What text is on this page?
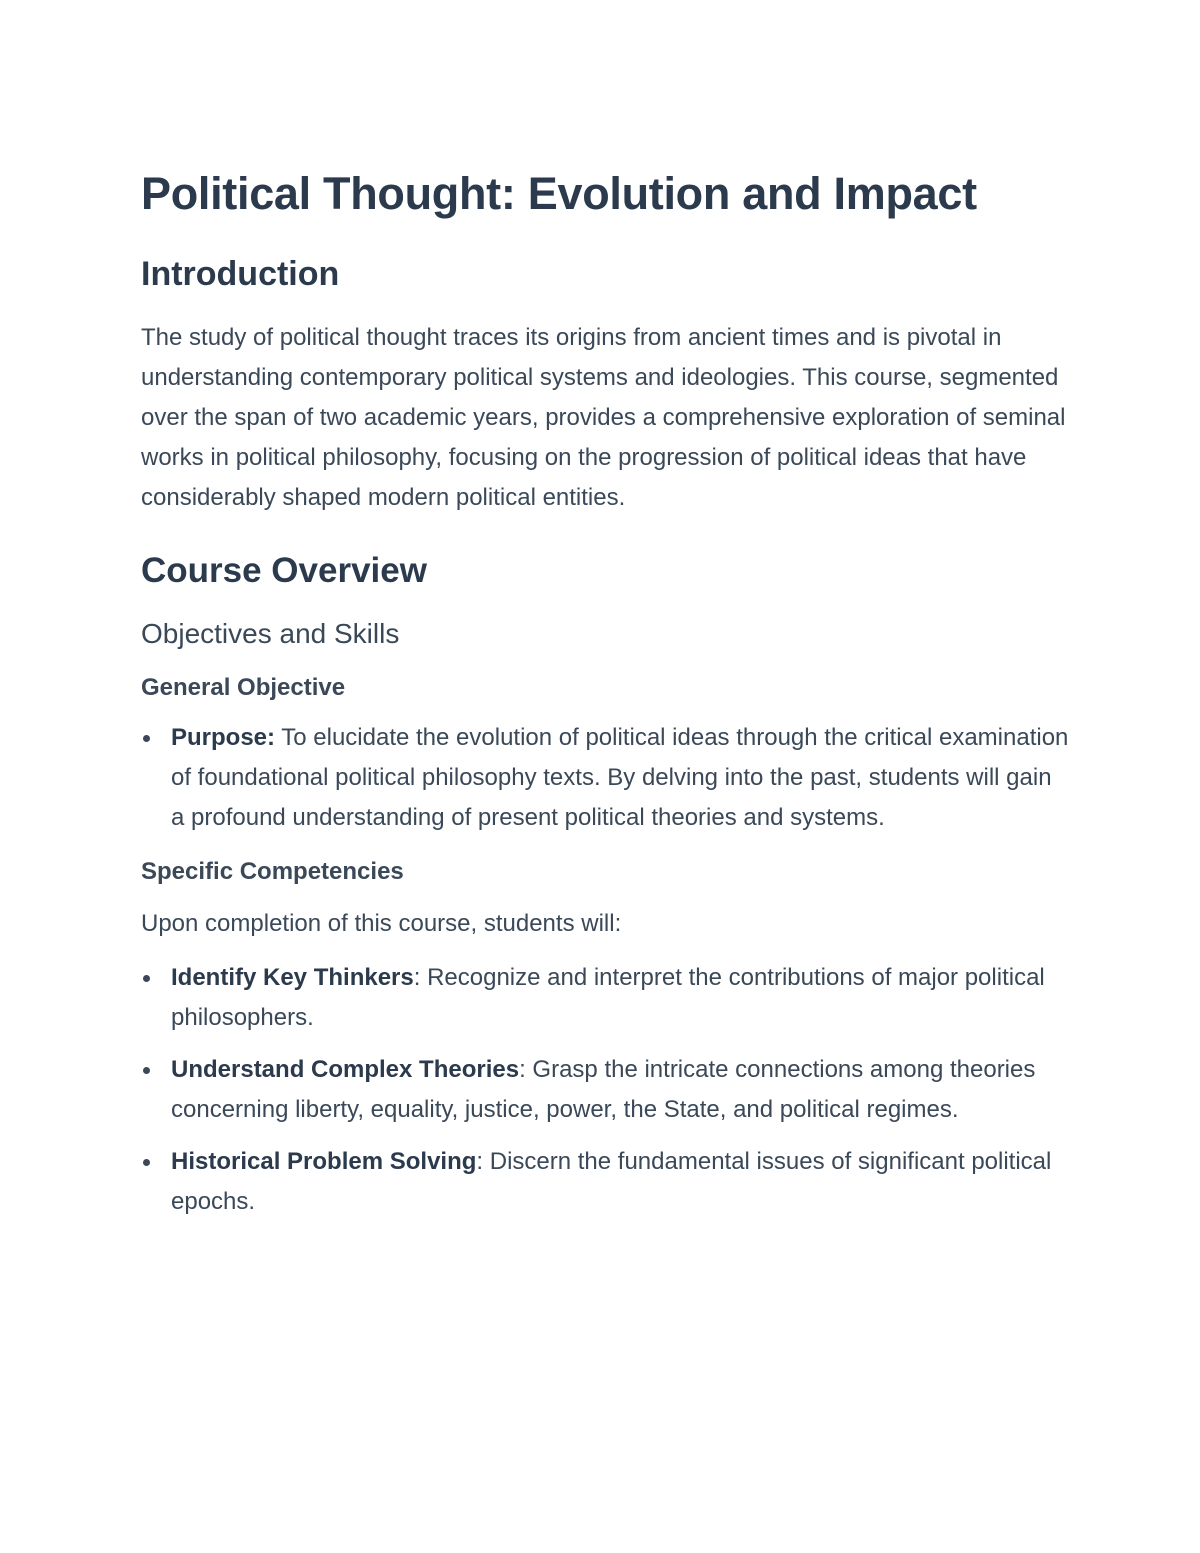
Political Thought: Evolution and Impact
Introduction

The study of political thought traces its origins from ancient times and is pivotal in understanding contemporary political systems and ideologies. This course, segmented over the span of two academic years, provides a comprehensive exploration of seminal works in political philosophy, focusing on the progression of political ideas that have considerably shaped modern political entities.

Course Overview
Objectives and Skills
General Objective
Purpose: To elucidate the evolution of political ideas through the critical examination of foundational political philosophy texts. By delving into the past, students will gain a profound understanding of present political theories and systems.
Specific Competencies

Upon completion of this course, students will:

Identify Key Thinkers: Recognize and interpret the contributions of major political philosophers.
Understand Complex Theories: Grasp the intricate connections among theories concerning liberty, equality, justice, power, the State, and political regimes.
Historical Problem Solving: Discern the fundamental issues of significant political epochs.
